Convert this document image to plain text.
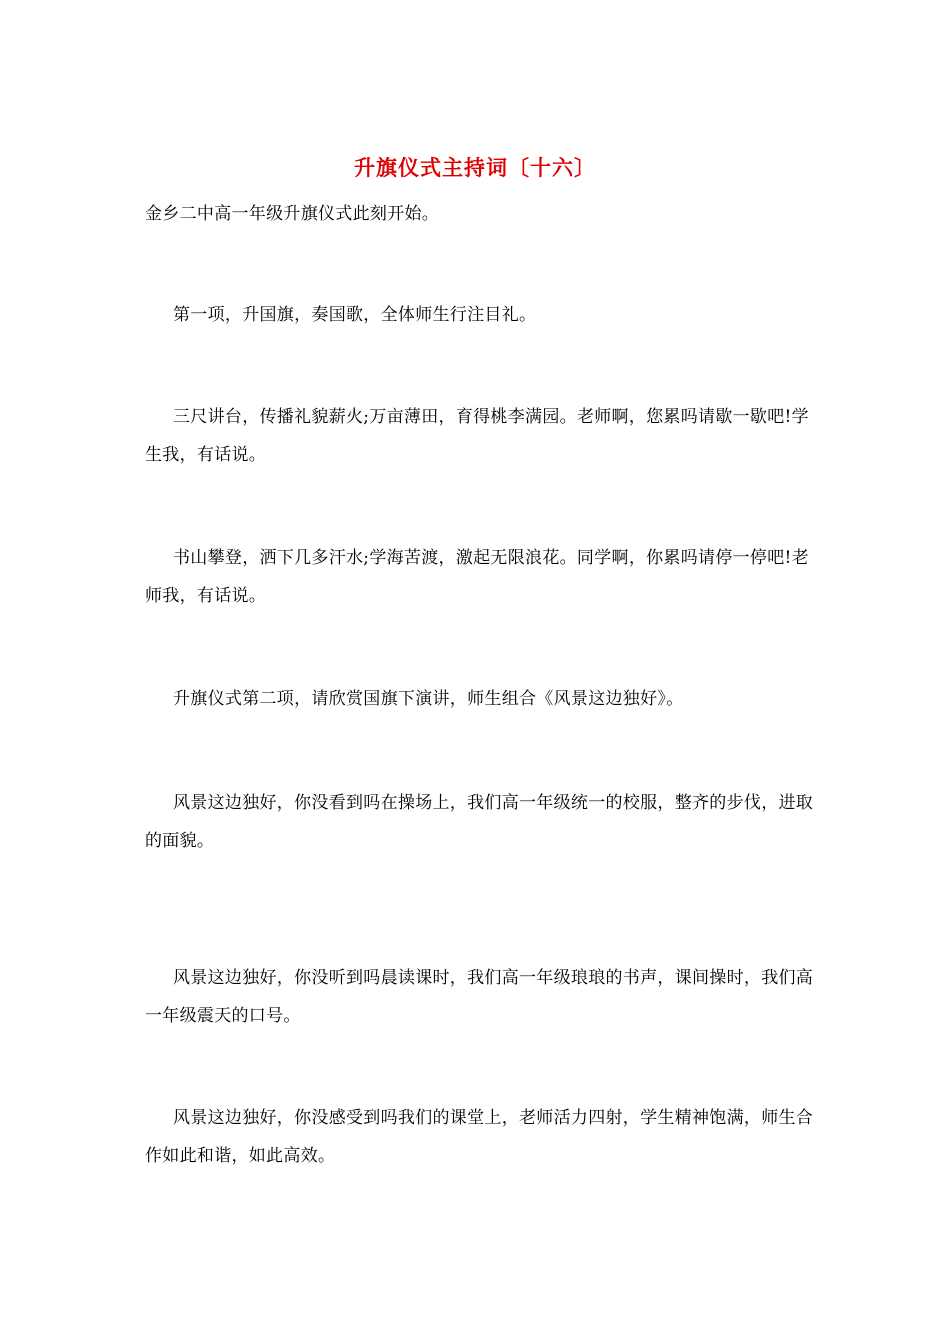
升旗仪式主持词〔十六〕

金乡二中高一年级升旗仪式此刻开始。

第一项，升国旗，奏国歌，全体师生行注目礼。

三尺讲台，传播礼貌薪火;万亩薄田，育得桃李满园。老师啊，您累吗请歇一歇吧!学生我，有话说。

书山攀登，洒下几多汗水;学海苦渡，激起无限浪花。同学啊，你累吗请停一停吧!老师我，有话说。

升旗仪式第二项，请欣赏国旗下演讲，师生组合《风景这边独好》。

风景这边独好，你没看到吗在操场上，我们高一年级统一的校服，整齐的步伐，进取的面貌。

风景这边独好，你没听到吗晨读课时，我们高一年级琅琅的书声，课间操时，我们高一年级震天的口号。

风景这边独好，你没感受到吗我们的课堂上，老师活力四射，学生精神饱满，师生合作如此和谐，如此高效。
